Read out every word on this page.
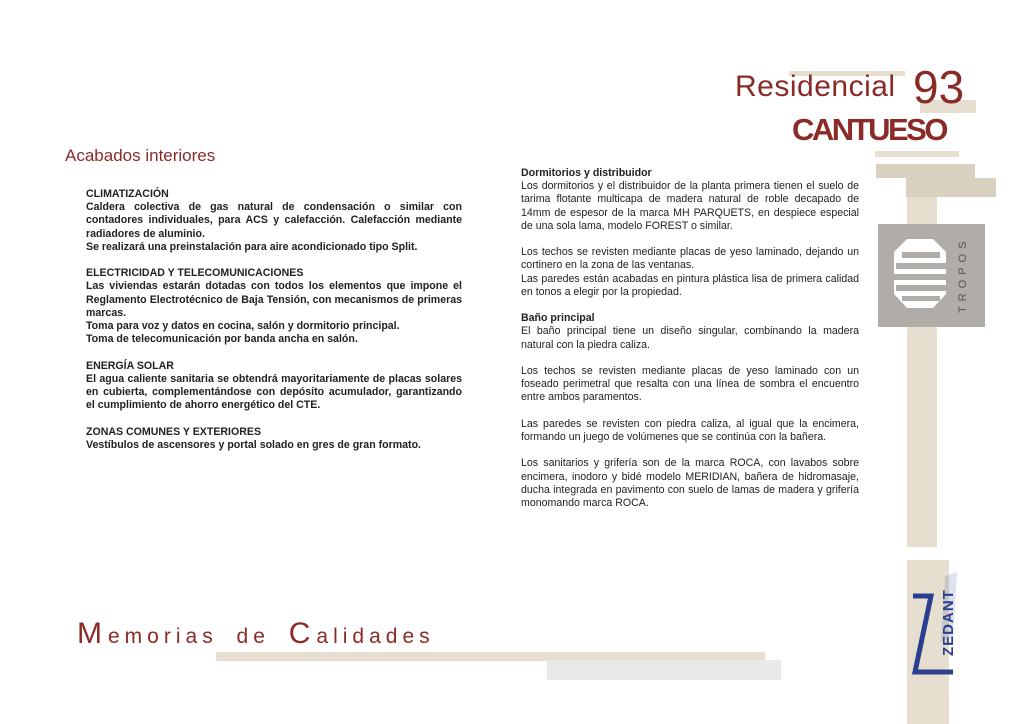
Residencial 93
CANTUESO
Acabados interiores

CLIMATIZACIÓN
Caldera colectiva de gas natural de condensación o similar con contadores individuales, para ACS y calefacción. Calefacción mediante radiadores de aluminio.
Se realizará una preinstalación para aire acondicionado tipo Split.

ELECTRICIDAD Y TELECOMUNICACIONES
Las viviendas estarán dotadas con todos los elementos que impone el Reglamento Electrotécnico de Baja Tensión, con mecanismos de primeras marcas.
Toma para voz y datos en cocina, salón y dormitorio principal.
Toma de telecomunicación por banda ancha en salón.

ENERGÍA SOLAR
El agua caliente sanitaria se obtendrá mayoritariamente de placas solares en cubierta, complementándose con depósito acumulador, garantizando el cumplimiento de ahorro energético del CTE.

ZONAS COMUNES Y EXTERIORES
Vestíbulos de ascensores y portal solado en gres de gran formato.

Dormitorios y distribuidor
Los dormitorios y el distribuidor de la planta primera tienen el suelo de tarima flotante multicapa de madera natural de roble decapado de 14mm de espesor de la marca MH PARQUETS, en despiece especial de una sola lama, modelo FOREST o similar.

Los techos se revisten mediante placas de yeso laminado, dejando un cortinero en la zona de las ventanas.
Las paredes están acabadas en pintura plástica lisa de primera calidad en tonos a elegir por la propiedad.

Baño principal
El baño principal tiene un diseño singular, combinando la madera natural con la piedra caliza.

Los techos se revisten mediante placas de yeso laminado con un foseado perimetral que resalta con una línea de sombra el encuentro entre ambos paramentos.

Las paredes se revisten con piedra caliza, al igual que la encimera, formando un juego de volúmenes que se continúa con la bañera.

Los sanitarios y grifería son de la marca ROCA, con lavabos sobre encimera, inodoro y bidé modelo MERIDIAN, bañera de hidromasaje, ducha integrada en pavimento con suelo de lamas de madera y grifería monomando marca ROCA.

TROPOS
ZEDANT
Memorias de Calidades
